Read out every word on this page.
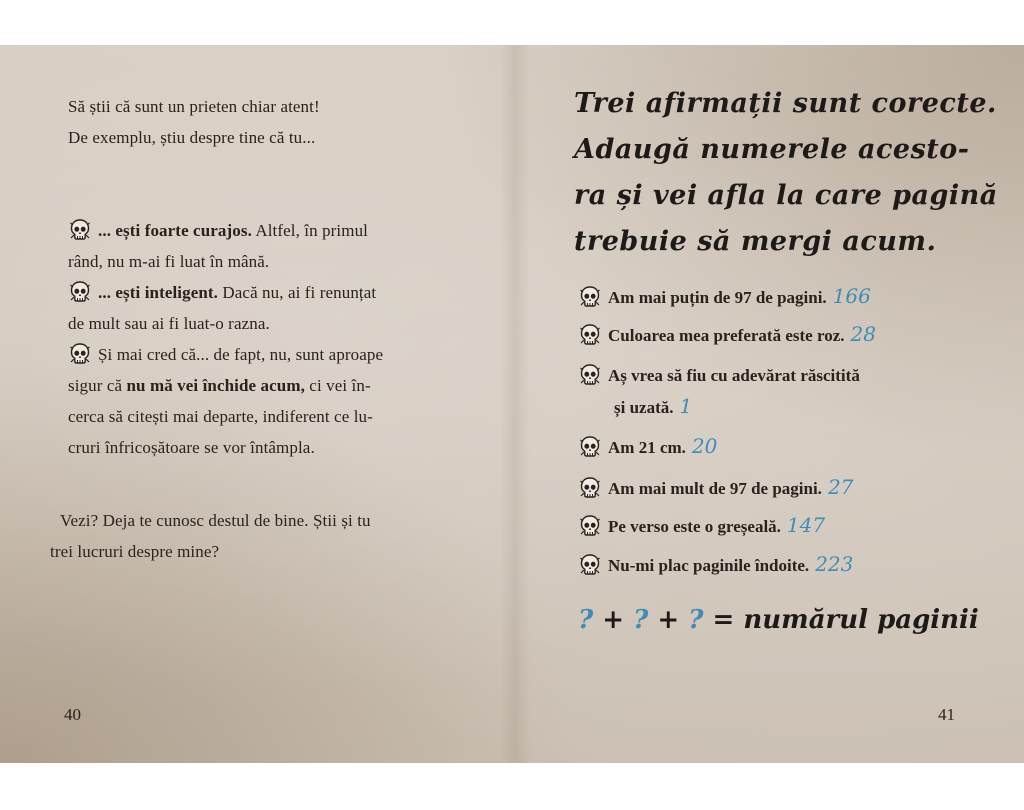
Să știi că sunt un prieten chiar atent!
De exemplu, știu despre tine că tu...
... ești foarte curajos. Altfel, în primul
rând, nu m-ai fi luat în mână.
... ești inteligent. Dacă nu, ai fi renunțat
de mult sau ai fi luat-o razna.
Și mai cred că... de fapt, nu, sunt aproape
sigur că nu mă vei închide acum, ci vei în-
cerca să citești mai departe, indiferent ce lu-
cruri înfricoșătoare se vor întâmpla.
Vezi? Deja te cunosc destul de bine. Știi și tu
trei lucruri despre mine?
40
Trei afirmații sunt corecte.
Adaugă numerele acesto-
ra și vei afla la care pagină
trebuie să mergi acum.
Am mai puțin de 97 de pagini. 166
Culoarea mea preferată este roz. 28
Aș vrea să fiu cu adevărat răscitită
și uzată. 1
Am 21 cm. 20
Am mai mult de 97 de pagini. 27
Pe verso este o greșeală. 147
Nu-mi plac paginile îndoite. 223
? + ? + ? = numărul paginii
41
